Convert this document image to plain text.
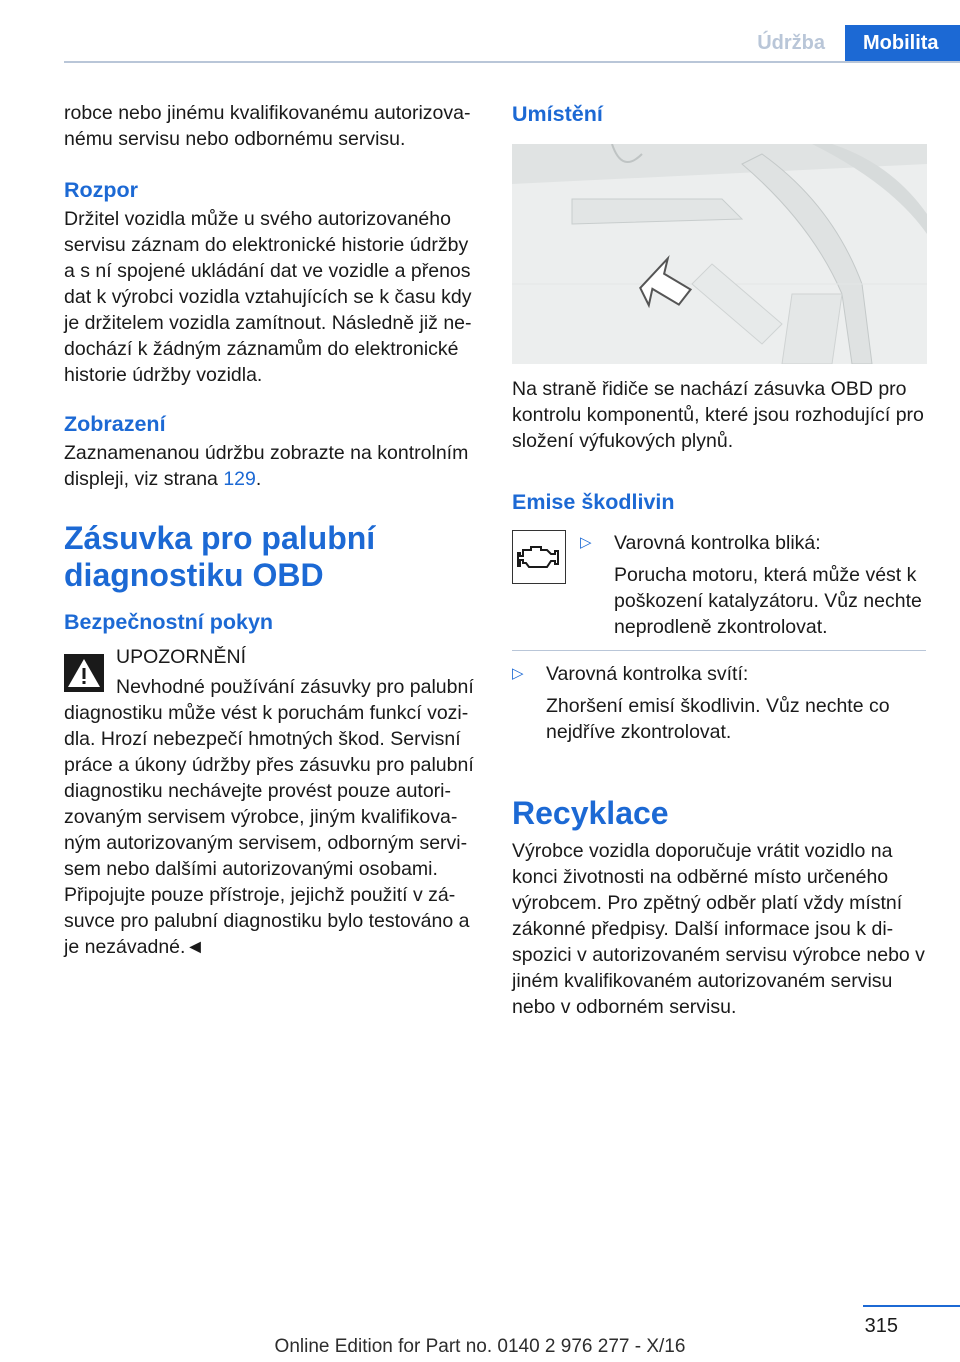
Údržba	Mobilita

robce nebo jinému kvalifikovanému autorizova-
nému servisu nebo odbornému servisu.

Rozpor

Držitel vozidla může u svého autorizovaného servisu záznam do elektronické historie údržby a s ní spojené ukládání dat ve vozidle a přenos dat k výrobci vozidla vztahujících se k času kdy je držitelem vozidla zamítnout. Následně již ne- dochází k žádným záznamům do elektronické historie údržby vozidla.

Zobrazení

Zaznamenanou údržbu zobrazte na kontrolním displeji, viz strana 129.

Zásuvka pro palubní diagnostiku OBD
Bezpečnostní pokyn

UPOZORNĚNÍ

Nevhodné používání zásuvky pro palubní diagnostiku může vést k poruchám funkcí vozi- dla. Hrozí nebezpečí hmotných škod. Servisní práce a úkony údržby přes zásuvku pro palubní diagnostiku nechávejte provést pouze autori- zovaným servisem výrobce, jiným kvalifikova- ným autorizovaným servisem, odborným servi- sem nebo dalšími autorizovanými osobami. Připojujte pouze přístroje, jejichž použití v zá- suvce pro palubní diagnostiku bylo testováno a je nezávadné.◄

Umístění

Na straně řidiče se nachází zásuvka OBD pro kontrolu komponentů, které jsou rozhodující pro složení výfukových plynů.

Emise škodlivin
▷ Varovná kontrolka bliká:
Porucha motoru, která může vést k poškození katalyzátoru. Vůz nechte neprodleně zkontrolovat.
▷ Varovná kontrolka svítí:
Zhoršení emisí škodlivin. Vůz nechte co nejdříve zkontrolovat.
Recyklace

Výrobce vozidla doporučuje vrátit vozidlo na konci životnosti na odběrné místo určeného výrobcem. Pro zpětný odběr platí vždy místní zákonné předpisy. Další informace jsou k di- spozici v autorizovaném servisu výrobce nebo v jiném kvalifikovaném autorizovaném servisu nebo v odborném servisu.

315
Online Edition for Part no. 0140 2 976 277 - X/16
